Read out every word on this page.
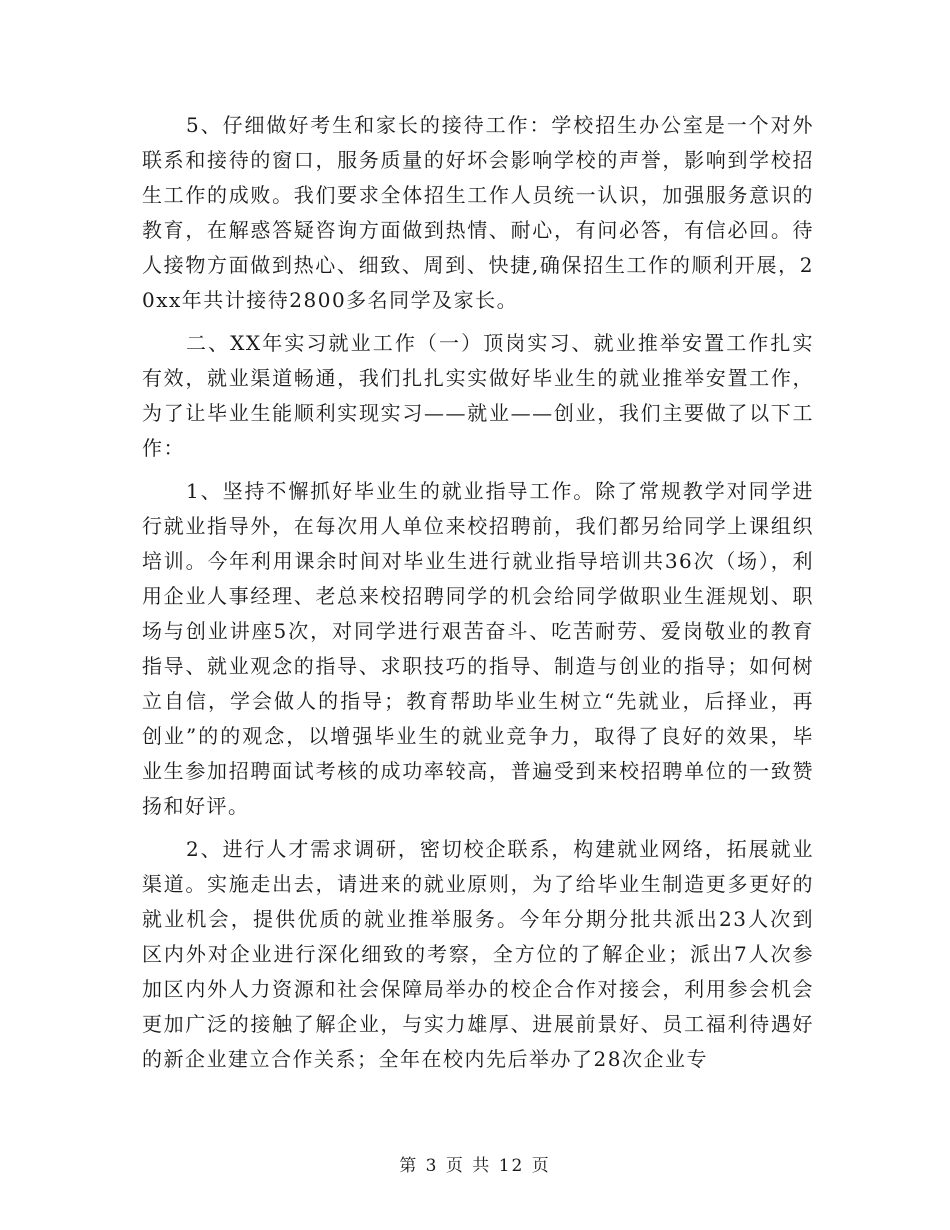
5、仔细做好考生和家长的接待工作：学校招生办公室是一个对外联系和接待的窗口，服务质量的好坏会影响学校的声誉，影响到学校招生工作的成败。我们要求全体招生工作人员统一认识，加强服务意识的教育，在解惑答疑咨询方面做到热情、耐心，有问必答，有信必回。待人接物方面做到热心、细致、周到、快捷,确保招生工作的顺利开展，20xx年共计接待2800多名同学及家长。

二、XX年实习就业工作（一）顶岗实习、就业推举安置工作扎实有效，就业渠道畅通，我们扎扎实实做好毕业生的就业推举安置工作，为了让毕业生能顺利实现实习——就业——创业，我们主要做了以下工作：

1、坚持不懈抓好毕业生的就业指导工作。除了常规教学对同学进行就业指导外，在每次用人单位来校招聘前，我们都另给同学上课组织培训。今年利用课余时间对毕业生进行就业指导培训共36次（场），利用企业人事经理、老总来校招聘同学的机会给同学做职业生涯规划、职场与创业讲座5次，对同学进行艰苦奋斗、吃苦耐劳、爱岗敬业的教育指导、就业观念的指导、求职技巧的指导、制造与创业的指导；如何树立自信，学会做人的指导；教育帮助毕业生树立“先就业，后择业，再创业”的的观念，以增强毕业生的就业竞争力，取得了良好的效果，毕业生参加招聘面试考核的成功率较高，普遍受到来校招聘单位的一致赞扬和好评。

2、进行人才需求调研，密切校企联系，构建就业网络，拓展就业渠道。实施走出去，请进来的就业原则，为了给毕业生制造更多更好的就业机会，提供优质的就业推举服务。今年分期分批共派出23人次到区内外对企业进行深化细致的考察，全方位的了解企业；派出7人次参加区内外人力资源和社会保障局举办的校企合作对接会，利用参会机会更加广泛的接触了解企业，与实力雄厚、进展前景好、员工福利待遇好的新企业建立合作关系；全年在校内先后举办了28次企业专

第 3 页 共 12 页
